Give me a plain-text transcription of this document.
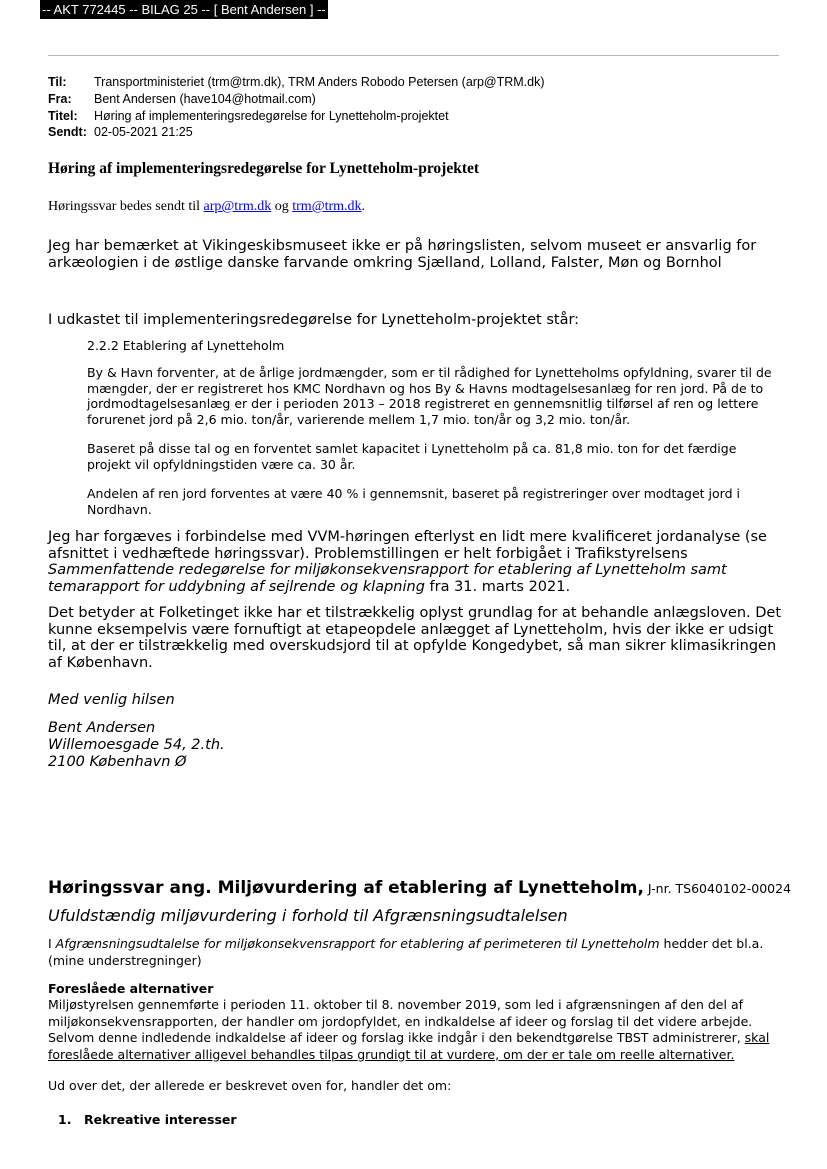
-- AKT 772445 -- BILAG 25 -- [ Bent Andersen ] --
Til: Transportministeriet (trm@trm.dk), TRM Anders Robodo Petersen (arp@TRM.dk)
Fra: Bent Andersen (have104@hotmail.com)
Titel: Høring af implementeringsredegørelse for Lynetteholm-projektet
Sendt: 02-05-2021 21:25
Høring af implementeringsredegørelse for Lynetteholm-projektet
Høringssvar bedes sendt til arp@trm.dk og trm@trm.dk.
Jeg har bemærket at Vikingeskibsmuseet ikke er på høringslisten, selvom museet er ansvarlig for arkæologien i de østlige danske farvande omkring Sjælland, Lolland, Falster, Møn og Bornhol
I udkastet til implementeringsredegørelse for Lynetteholm-projektet står:
2.2.2 Etablering af Lynetteholm
By & Havn forventer, at de årlige jordmængder, som er til rådighed for Lynetteholms opfyldning, svarer til de mængder, der er registreret hos KMC Nordhavn og hos By & Havns modtagelsesanlæg for ren jord. På de to jordmodtagelsesanlæg er der i perioden 2013 – 2018 registreret en gennemsnitlig tilførsel af ren og lettere forurenet jord på 2,6 mio. ton/år, varierende mellem 1,7 mio. ton/år og 3,2 mio. ton/år.
Baseret på disse tal og en forventet samlet kapacitet i Lynetteholm på ca. 81,8 mio. ton for det færdige projekt vil opfyldningstiden være ca. 30 år.
Andelen af ren jord forventes at være 40 % i gennemsnit, baseret på registreringer over modtaget jord i Nordhavn.
Jeg har forgæves i forbindelse med VVM-høringen efterlyst en lidt mere kvalificeret jordanalyse (se afsnittet i vedhæftede høringssvar). Problemstillingen er helt forbigået i Trafikstyrelsens Sammenfattende redegørelse for miljøkonsekvensrapport for etablering af Lynetteholm samt temarapport for uddybning af sejlrende og klapning fra 31. marts 2021.
Det betyder at Folketinget ikke har et tilstrækkelig oplyst grundlag for at behandle anlægsloven. Det kunne eksempelvis være fornuftigt at etapeopdele anlægget af Lynetteholm, hvis der ikke er udsigt til, at der er tilstrækkelig med overskudsjord til at opfylde Kongedybet, så man sikrer klimasikringen af København.
Med venlig hilsen
Bent Andersen
Willemoesgade 54, 2.th.
2100 København Ø
Høringssvar ang. Miljøvurdering af etablering af Lynetteholm, J-nr. TS6040102-00024
Ufuldstændig miljøvurdering i forhold til Afgrænsningsudtalelsen
I Afgrænsningsudtalelse for miljøkonsekvensrapport for etablering af perimeteren til Lynetteholm hedder det bl.a. (mine understregninger)
Foreslåede alternativer
Miljøstyrelsen gennemførte i perioden 11. oktober til 8. november 2019, som led i afgrænsningen af den del af miljøkonsekvensrapporten, der handler om jordopfyldet, en indkaldelse af ideer og forslag til det videre arbejde. Selvom denne indledende indkaldelse af ideer og forslag ikke indgår i den bekendtgørelse TBST administrerer, skal foreslåede alternativer alligevel behandles tilpas grundigt til at vurdere, om der er tale om reelle alternativer.
Ud over det, der allerede er beskrevet oven for, handler det om:
1.	Rekreative interesser
